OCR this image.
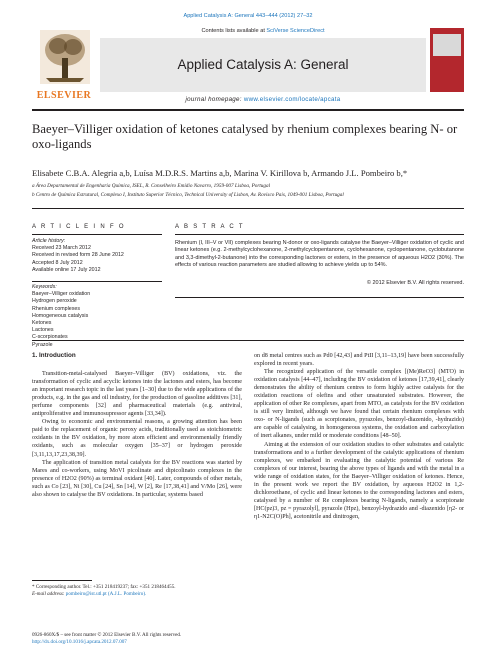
Applied Catalysis A: General 443–444 (2012) 27–32
ELSEVIER
Contents lists available at SciVerse ScienceDirect
Applied Catalysis A: General
journal homepage: www.elsevier.com/locate/apcata
Baeyer–Villiger oxidation of ketones catalysed by rhenium complexes bearing N- or oxo-ligands
Elisabete C.B.A. Alegria a,b, Luísa M.D.R.S. Martins a,b, Marina V. Kirillova b, Armando J.L. Pombeiro b,*
a Área Departamental de Engenharia Química, ISEL, R. Conselheiro Emídio Navarro, 1959-007 Lisboa, Portugal
b Centro de Química Estrutural, Complexo I, Instituto Superior Técnico, Technical University of Lisbon, Av. Rovisco Pais, 1049-001 Lisboa, Portugal
A R T I C L E I N F O
Article history:
Received 23 March 2012
Received in revised form 28 June 2012
Accepted 8 July 2012
Available online 17 July 2012
Keywords:
Baeyer–Villiger oxidation
Hydrogen peroxide
Rhenium complexes
Homogeneous catalysis
Ketones
Lactones
C-scorpionates
Pyrazole
A B S T R A C T
Rhenium (I, III–V or VII) complexes bearing N-donor or oxo-ligands catalyse the Baeyer–Villiger oxidation of cyclic and linear ketones (e.g. 2-methylcyclohexanone, 2-methylcyclopentanone, cyclohexanone, cyclopentanone, cyclobutanone and 3,3-dimethyl-2-butanone) into the corresponding lactones or esters, in the presence of aqueous H2O2 (30%). The effects of various reaction parameters are studied allowing to achieve yields up to 54%.
© 2012 Elsevier B.V. All rights reserved.
1. Introduction

Transition-metal-catalysed Baeyer–Villiger (BV) oxidations, viz. the transformation of cyclic and acyclic ketones into the lactones and esters, has become an important research topic in the last years [1–30] due to the wide applications of the products, e.g. in the gas and oil industry, for the production of gasoline additives [31], perfume components [32] and pharmaceutical materials (e.g. antiviral, antiproliferative and immunosupressor agents [33,34]).

Owing to economic and environmental reasons, a growing attention has been paid to the replacement of organic peroxy acids, traditionally used as stoichiometric oxidants in the BV oxidation, by more atom efficient and environmentally friendly oxidants, such as molecular oxygen [35–37] or hydrogen peroxide [3,11,13,17,23,38,39].

The application of transition metal catalysts for the BV reactions was started by Mares and co-workers, using MoVI picolinate and dipicolinato complexes in the presence of H2O2 (90%) as terminal oxidant [40]. Later, compounds of other metals, such as Co [23], Ni [30], Cu [24], Sn [14], W [2], Re [17,38,41] and V/Mo [26], were also shown to catalyse the BV oxidations. In particular, systems based

on d8 metal centres such as Pd0 [42,43] and PtII [3,11–13,19] have been successfully explored in recent years.

The recognized application of the versatile complex [(Me)ReO3] (MTO) in oxidation catalysis [44–47], including the BV oxidation of ketones [17,39,41], clearly demonstrates the ability of rhenium centres to form highly active catalysts for the oxidation reactions of olefins and other unsaturated substrates. However, the application of other Re complexes, apart from MTO, as catalysts for the BV oxidation is still very limited, although we have found that certain rhenium complexes with oxo- or N-ligands (such as scorpionates, pyrazoles, benzoyl-diazenido, -hydrazido) are capable of catalysing, in homogeneous systems, the oxidation and carboxylation of inert alkanes, under mild or moderate conditions [48–50].

Aiming at the extension of our oxidation studies to other substrates and catalytic transformations and to a further development of the catalytic applications of rhenium complexes, we embarked in evaluating the catalytic potential of various Re complexes of our interest, bearing the above types of ligands and with the metal in a wide range of oxidation states, for the Baeyer–Villiger oxidation of ketones. Hence, in the present work we report the BV oxidation, by aqueous H2O2 in 1,2-dichloroethane, of cyclic and linear ketones to the corresponding lactones and esters, catalysed by a number of Re complexes bearing N-ligands, namely a scorpionate [HC(pz)3, pz = pyrazolyl], pyrazole (Hpz), benzoyl-hydrazido and -diazenido [η2- or η1-N2C(O)Ph], acetonitrile and dinitrogen,

* Corresponding author. Tel.: +351 218419237; fax: +351 218464455.
E-mail address: pombeiro@ist.utl.pt (A.J.L. Pombeiro).
0926-860X/$ – see front matter © 2012 Elsevier B.V. All rights reserved.
http://dx.doi.org/10.1016/j.apcata.2012.07.007
